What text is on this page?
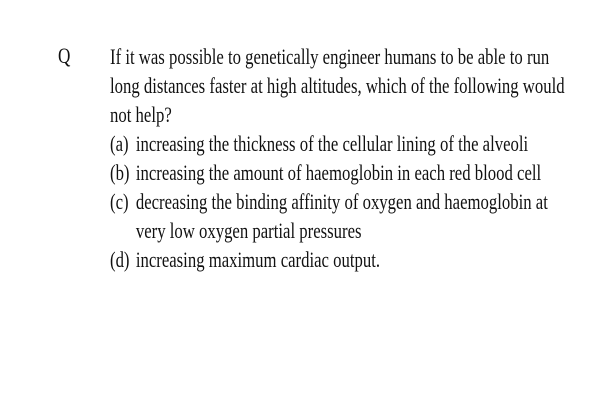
Q If it was possible to genetically engineer humans to be able to run
long distances faster at high altitudes, which of the following would
not help?
(a) increasing the thickness of the cellular lining of the alveoli
(b) increasing the amount of haemoglobin in each red blood cell
(c) decreasing the binding affinity of oxygen and haemoglobin at
very low oxygen partial pressures
(d) increasing maximum cardiac output.
